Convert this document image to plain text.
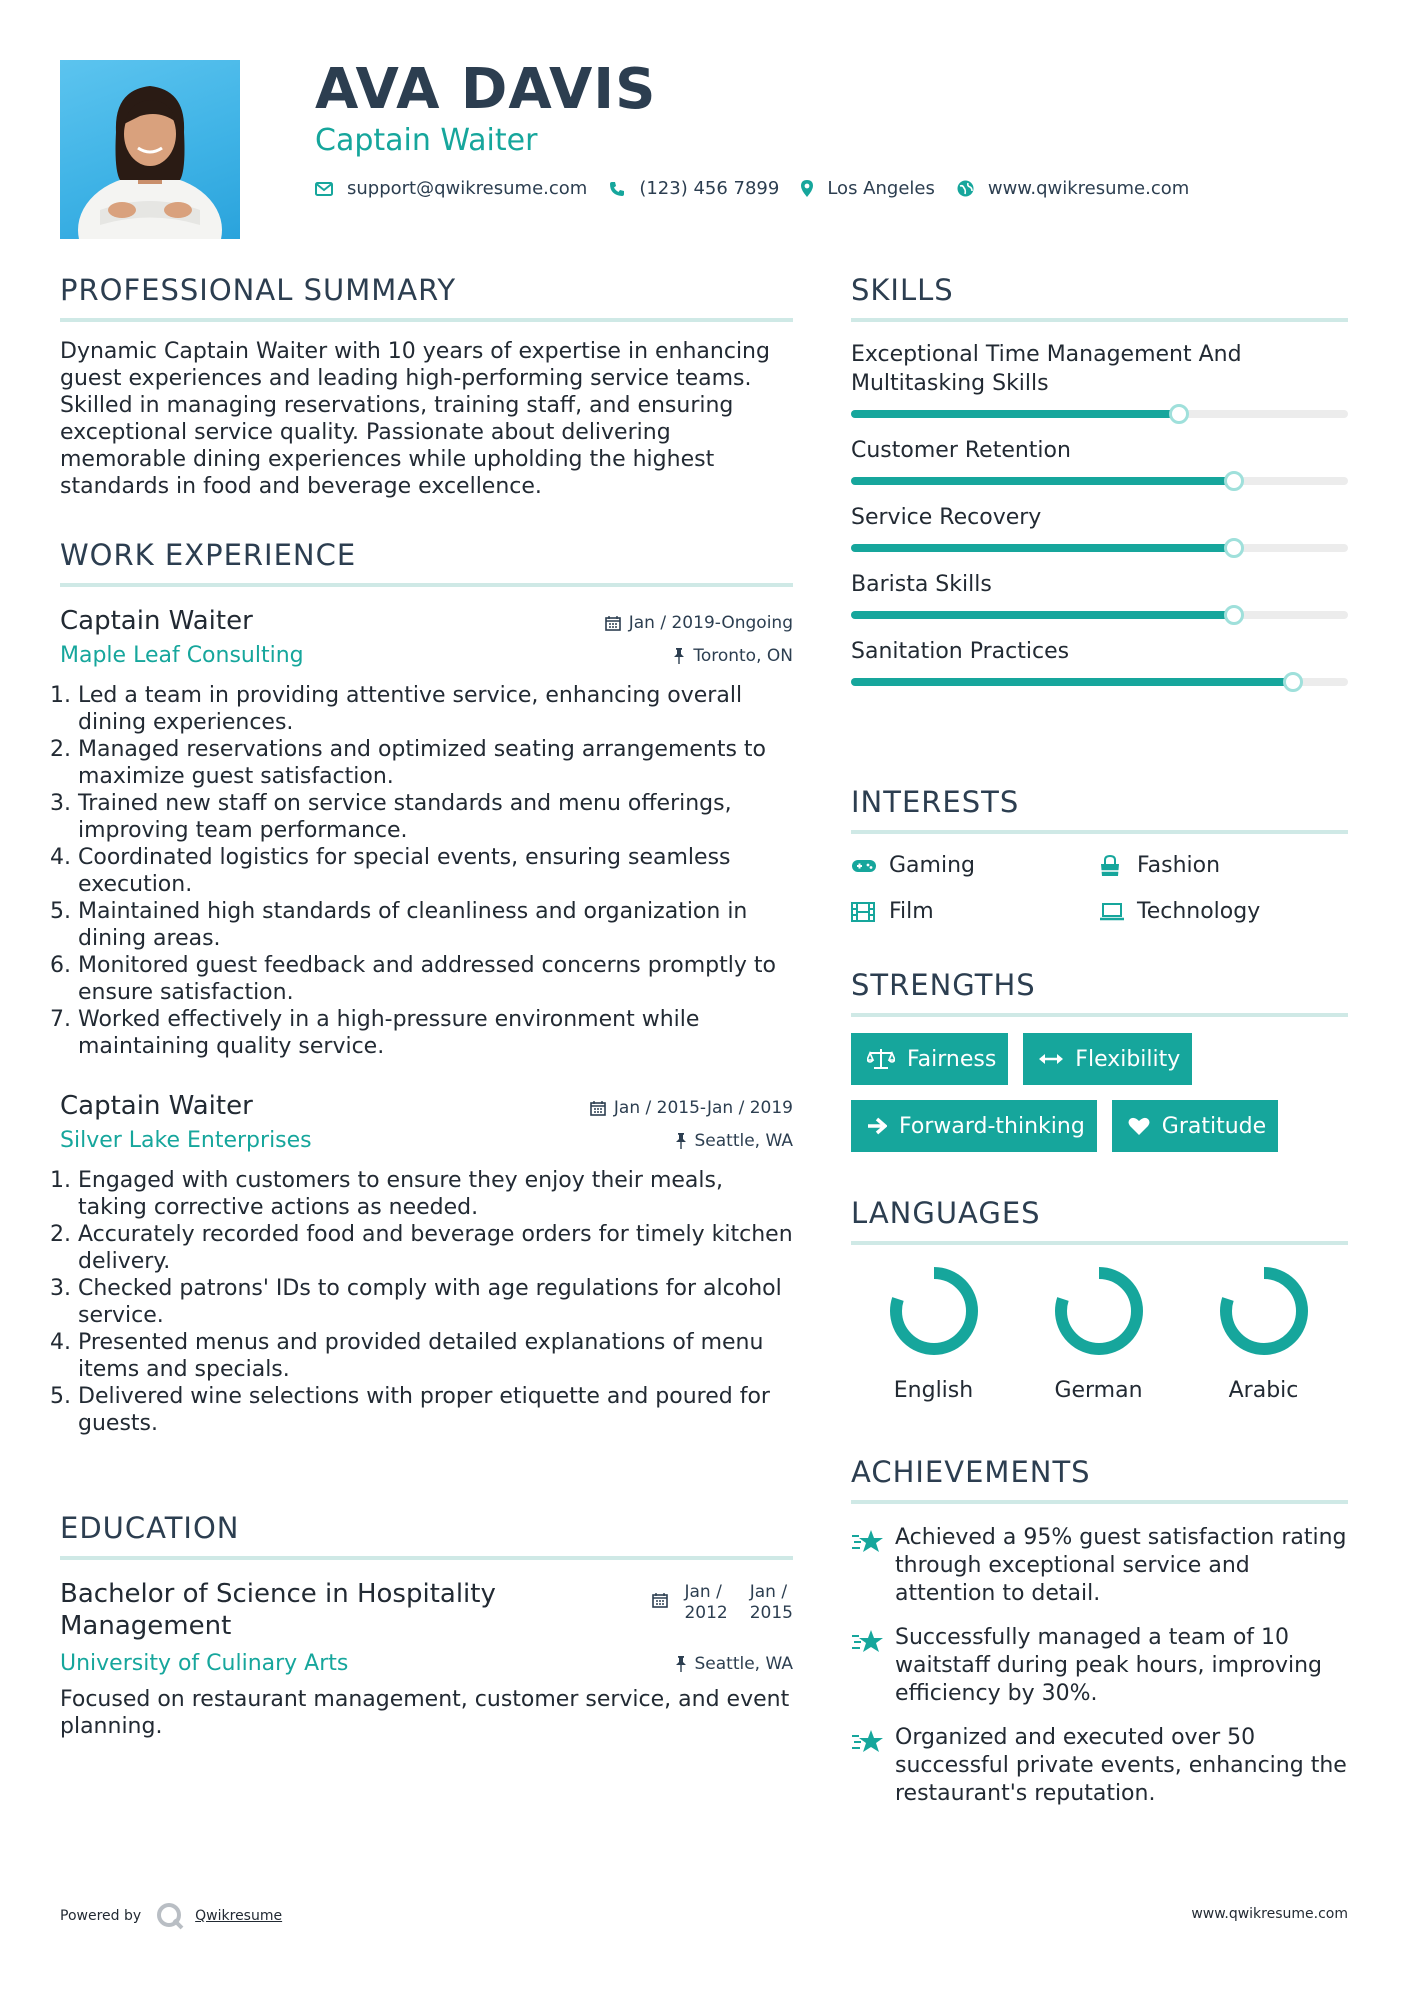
AVA DAVIS
Captain Waiter
support@qwikresume.com	(123) 456 7899	Los Angeles	www.qwikresume.com
PROFESSIONAL SUMMARY
Dynamic Captain Waiter with 10 years of expertise in enhancing guest experiences and leading high-performing service teams. Skilled in managing reservations, training staff, and ensuring exceptional service quality. Passionate about delivering memorable dining experiences while upholding the highest standards in food and beverage excellence.
WORK EXPERIENCE
Captain Waiter	Jan / 2019-Ongoing
Maple Leaf Consulting	Toronto, ON
1. Led a team in providing attentive service, enhancing overall dining experiences.
2. Managed reservations and optimized seating arrangements to maximize guest satisfaction.
3. Trained new staff on service standards and menu offerings, improving team performance.
4. Coordinated logistics for special events, ensuring seamless execution.
5. Maintained high standards of cleanliness and organization in dining areas.
6. Monitored guest feedback and addressed concerns promptly to ensure satisfaction.
7. Worked effectively in a high-pressure environment while maintaining quality service.
Captain Waiter	Jan / 2015-Jan / 2019
Silver Lake Enterprises	Seattle, WA
1. Engaged with customers to ensure they enjoy their meals, taking corrective actions as needed.
2. Accurately recorded food and beverage orders for timely kitchen delivery.
3. Checked patrons' IDs to comply with age regulations for alcohol service.
4. Presented menus and provided detailed explanations of menu items and specials.
5. Delivered wine selections with proper etiquette and poured for guests.
EDUCATION
Bachelor of Science in Hospitality Management
Jan /
2012
Jan /
2015
University of Culinary Arts	Seattle, WA
Focused on restaurant management, customer service, and event planning.
SKILLS
Exceptional Time Management And Multitasking Skills
Customer Retention
Service Recovery
Barista Skills
Sanitation Practices
INTERESTS
Gaming	Fashion
Film	Technology
STRENGTHS
Fairness	Flexibility
Forward-thinking	Gratitude
LANGUAGES
English	German	Arabic
ACHIEVEMENTS
Achieved a 95% guest satisfaction rating through exceptional service and attention to detail.
Successfully managed a team of 10 waitstaff during peak hours, improving efficiency by 30%.
Organized and executed over 50 successful private events, enhancing the restaurant's reputation.
Powered by	Qwikresume	www.qwikresume.com
